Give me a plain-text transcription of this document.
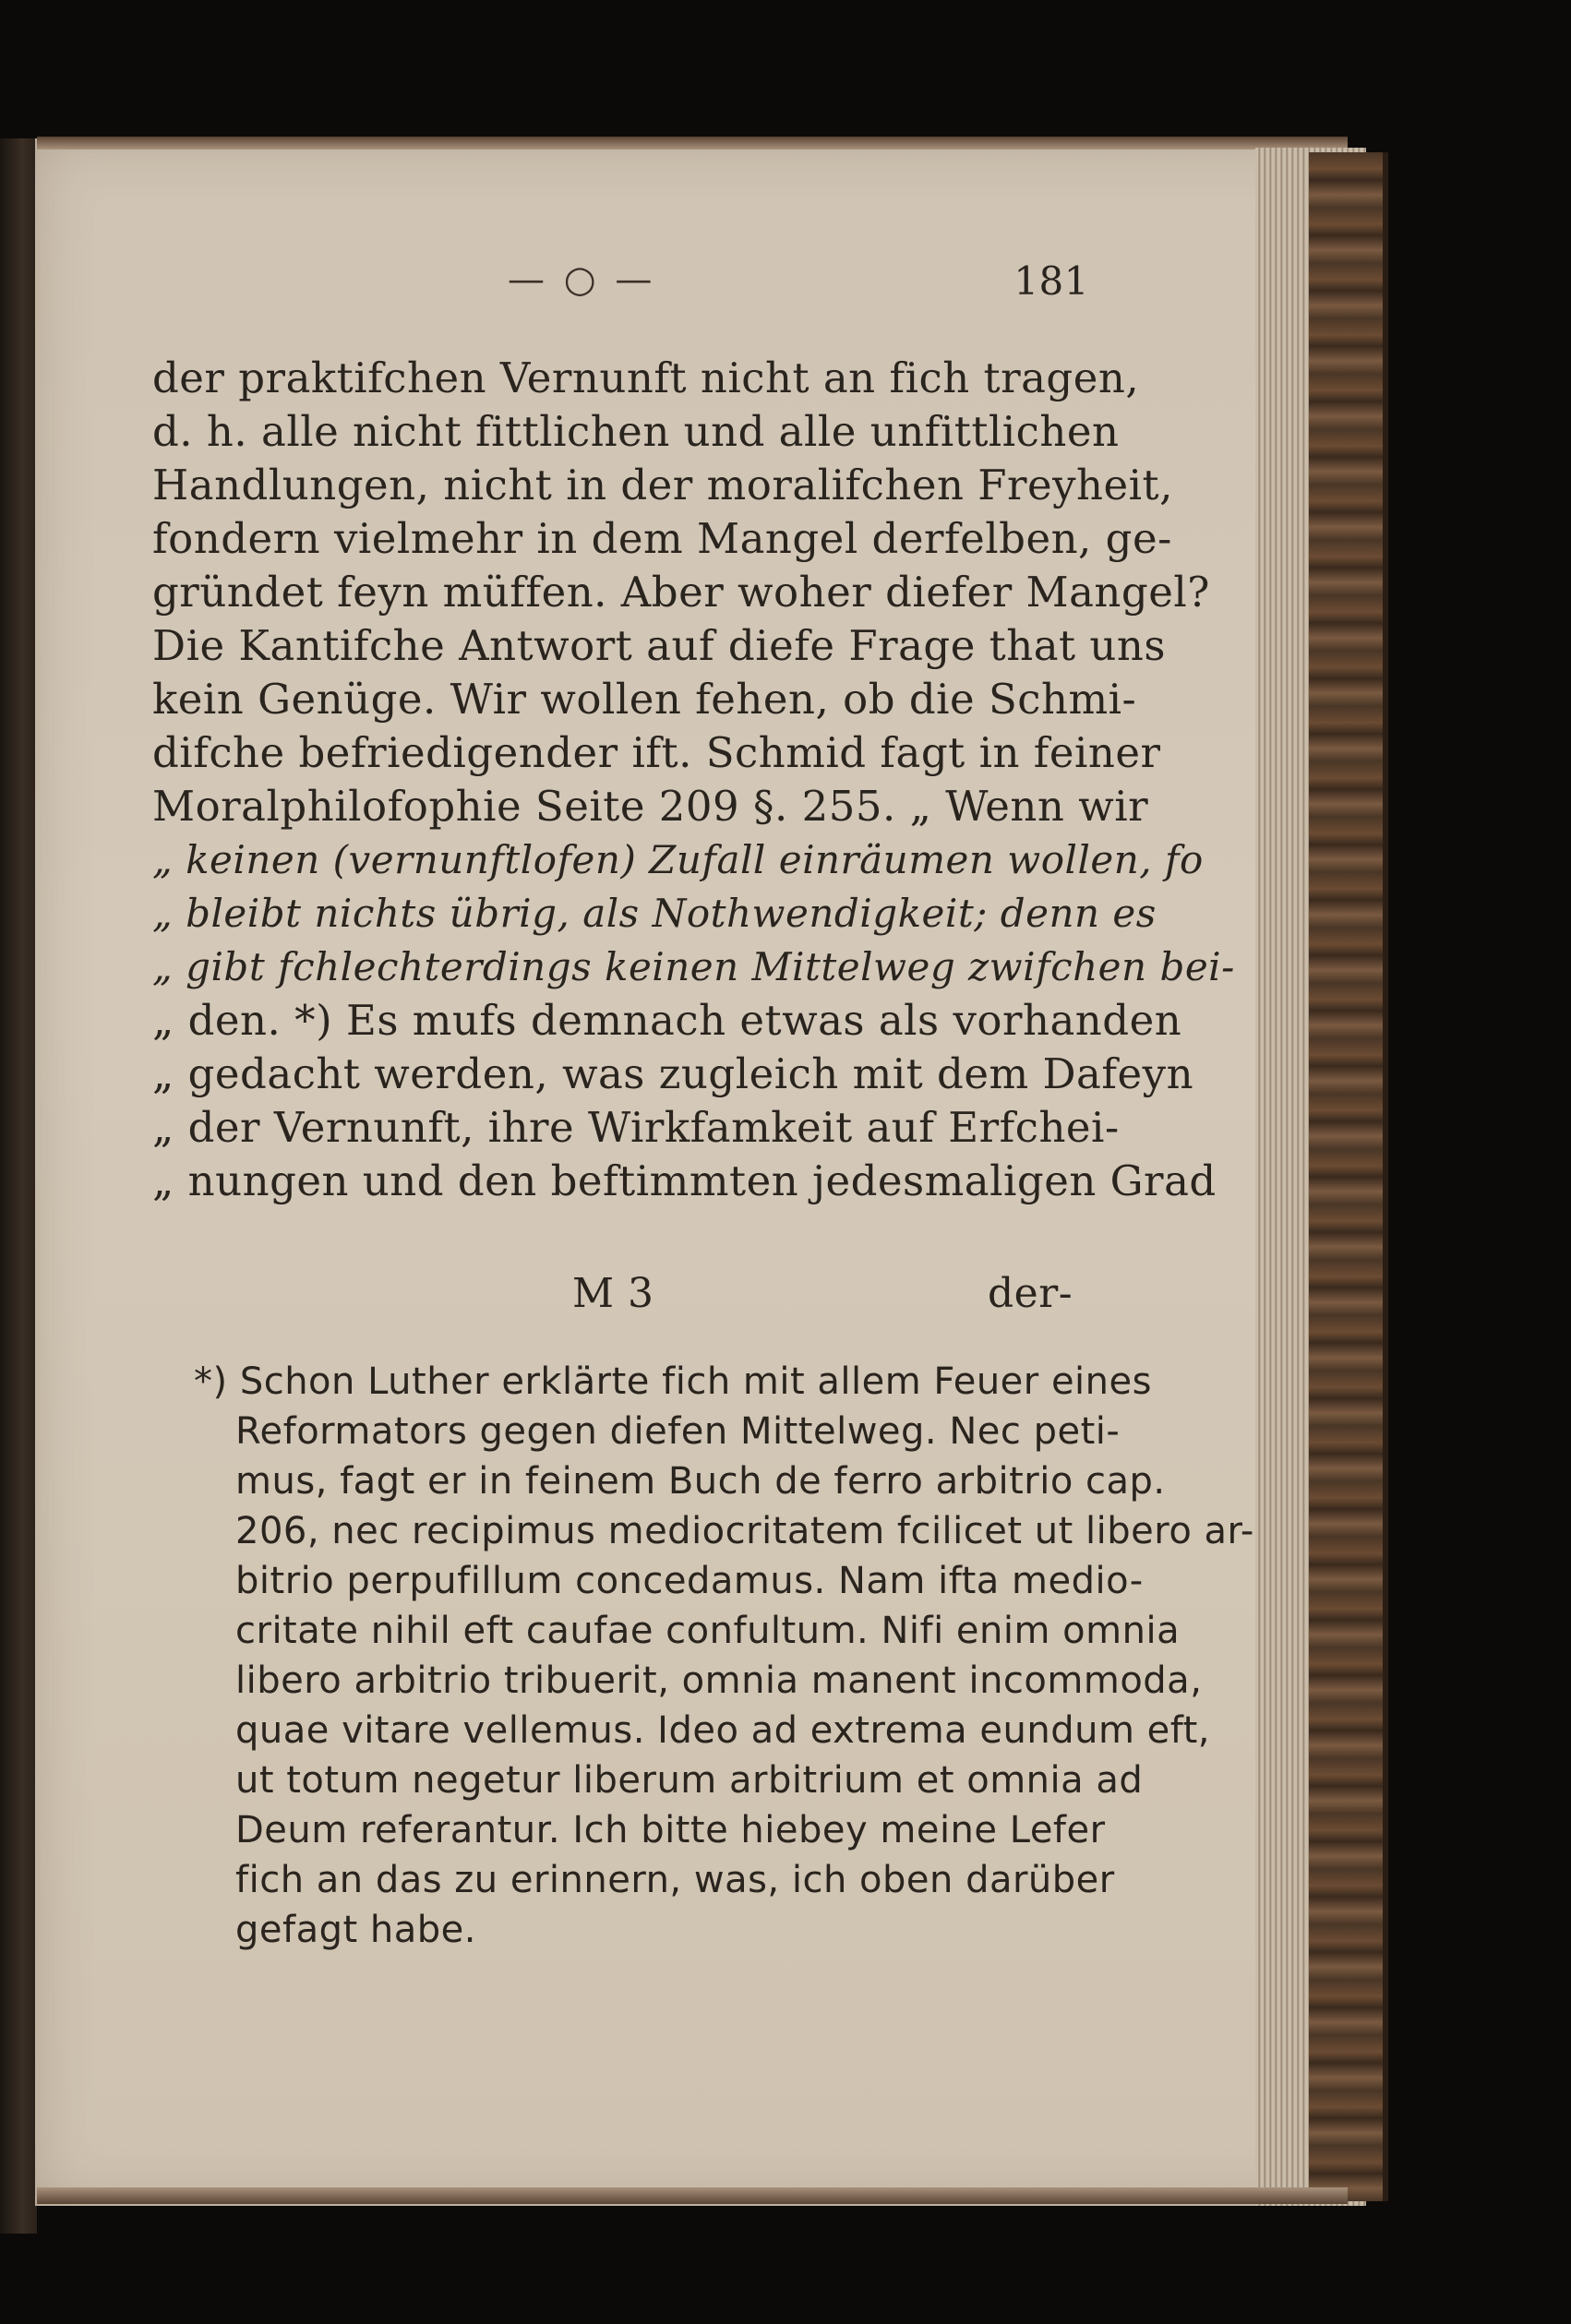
— ○ —	181
der praktifchen Vernunft nicht an fich tragen,
d. h. alle nicht fittlichen und alle unfittlichen
Handlungen, nicht in der moralifchen Freyheit,
fondern vielmehr in dem Mangel derfelben, ge-
gründet feyn müffen. Aber woher diefer Mangel?
Die Kantifche Antwort auf diefe Frage that uns
kein Genüge. Wir wollen fehen, ob die Schmi-
difche befriedigender ift. Schmid fagt in feiner
Moralphilofophie Seite 209 §. 255. „ Wenn wir
„ keinen (vernunftlofen) Zufall einräumen wollen, fo
„ bleibt nichts übrig, als Nothwendigkeit; denn es
„ gibt fchlechterdings keinen Mittelweg zwifchen bei-
„ den. *) Es mufs demnach etwas als vorhanden
„ gedacht werden, was zugleich mit dem Dafeyn
„ der Vernunft, ihre Wirkfamkeit auf Erfchei-
„ nungen und den beftimmten jedesmaligen Grad
M 3	der-
*) Schon Luther erklärte fich mit allem Feuer eines
Reformators gegen diefen Mittelweg. Nec peti-
mus, fagt er in feinem Buch de ferro arbitrio cap.
206, nec recipimus mediocritatem fcilicet ut libero ar-
bitrio perpufillum concedamus. Nam ifta medio-
critate nihil eft caufae confultum. Nifi enim omnia
libero arbitrio tribuerit, omnia manent incommoda,
quae vitare vellemus. Ideo ad extrema eundum eft,
ut totum negetur liberum arbitrium et omnia ad
Deum referantur. Ich bitte hiebey meine Lefer
fich an das zu erinnern, was, ich oben darüber
gefagt habe.
